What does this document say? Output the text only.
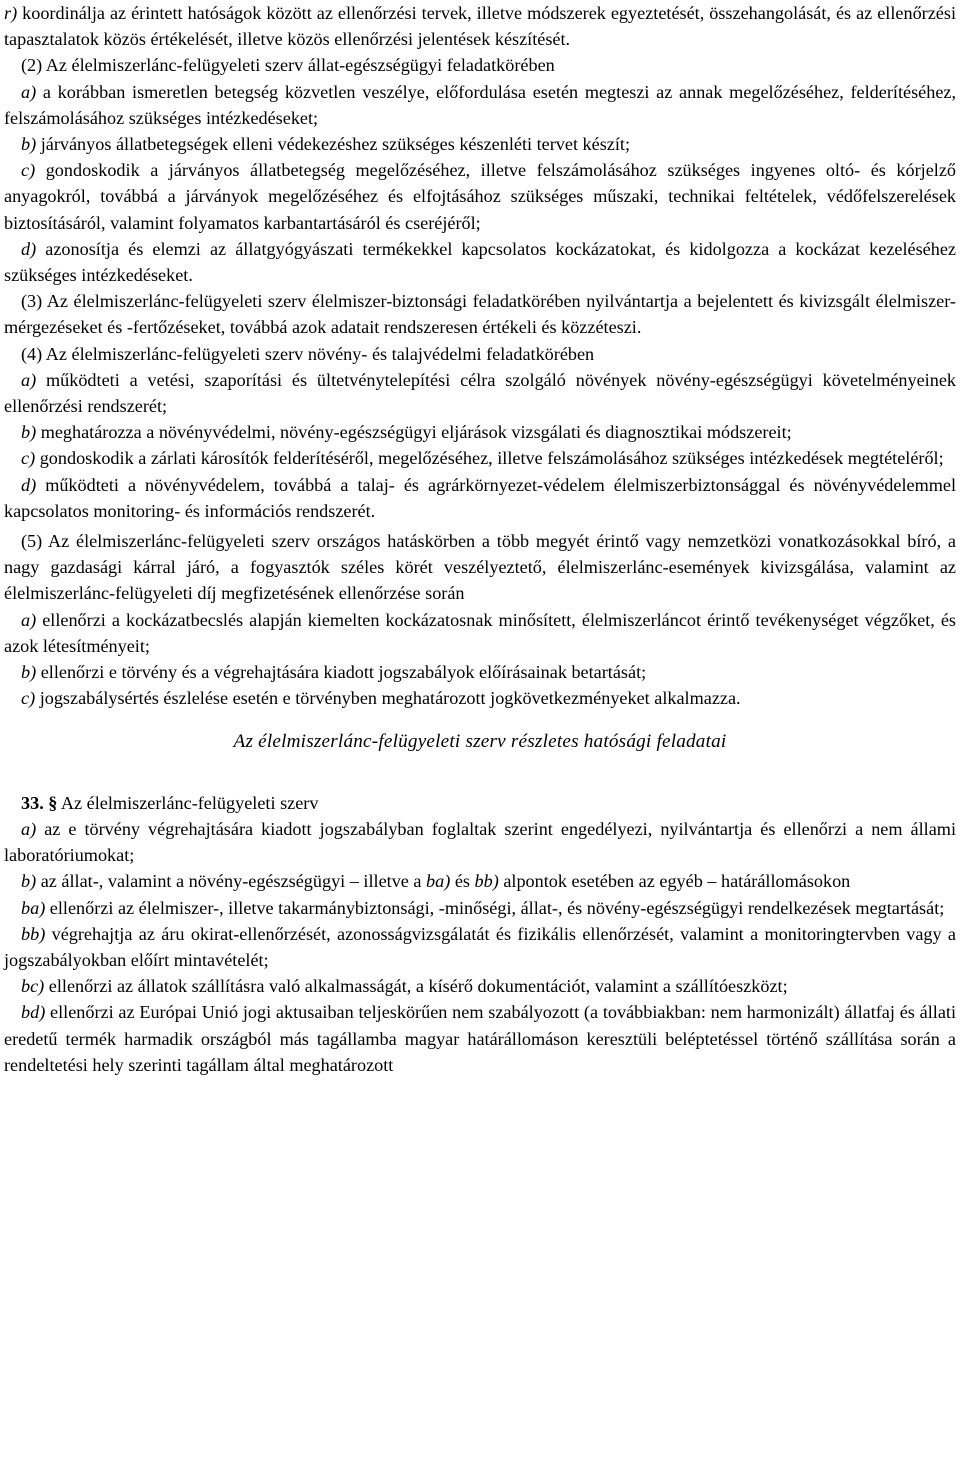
r) koordinálja az érintett hatóságok között az ellenőrzési tervek, illetve módszerek egyeztetését, összehangolását, és az ellenőrzési tapasztalatok közös értékelését, illetve közös ellenőrzési jelentések készítését.

(2) Az élelmiszerlánc-felügyeleti szerv állat-egészségügyi feladatkörében

a) a korábban ismeretlen betegség közvetlen veszélye, előfordulása esetén megteszi az annak megelőzéséhez, felderítéséhez, felszámolásához szükséges intézkedéseket;

b) járványos állatbetegségek elleni védekezéshez szükséges készenléti tervet készít;

c) gondoskodik a járványos állatbetegség megelőzéséhez, illetve felszámolásához szükséges ingyenes oltó- és kórjelző anyagokról, továbbá a járványok megelőzéséhez és elfojtásához szükséges műszaki, technikai feltételek, védőfelszerelések biztosításáról, valamint folyamatos karbantartásáról és cseréjéről;

d) azonosítja és elemzi az állatgyógyászati termékekkel kapcsolatos kockázatokat, és kidolgozza a kockázat kezeléséhez szükséges intézkedéseket.

(3) Az élelmiszerlánc-felügyeleti szerv élelmiszer-biztonsági feladatkörében nyilvántartja a bejelentett és kivizsgált élelmiszer-mérgezéseket és -fertőzéseket, továbbá azok adatait rendszeresen értékeli és közzéteszi.

(4) Az élelmiszerlánc-felügyeleti szerv növény- és talajvédelmi feladatkörében

a) működteti a vetési, szaporítási és ültetvénytelepítési célra szolgáló növények növény-egészségügyi követelményeinek ellenőrzési rendszerét;

b) meghatározza a növényvédelmi, növény-egészségügyi eljárások vizsgálati és diagnosztikai módszereit;

c) gondoskodik a zárlati károsítók felderítéséről, megelőzéséhez, illetve felszámolásához szükséges intézkedések megtételéről;

d) működteti a növényvédelem, továbbá a talaj- és agrárkörnyezet-védelem élelmiszerbiztonsággal és növényvédelemmel kapcsolatos monitoring- és információs rendszerét.

(5) Az élelmiszerlánc-felügyeleti szerv országos hatáskörben a több megyét érintő vagy nemzetközi vonatkozásokkal bíró, a nagy gazdasági kárral járó, a fogyasztók széles körét veszélyeztető, élelmiszerlánc-események kivizsgálása, valamint az élelmiszerlánc-felügyeleti díj megfizetésének ellenőrzése során

a) ellenőrzi a kockázatbecslés alapján kiemelten kockázatosnak minősített, élelmiszerláncot érintő tevékenységet végzőket, és azok létesítményeit;

b) ellenőrzi e törvény és a végrehajtására kiadott jogszabályok előírásainak betartását;

c) jogszabálysértés észlelése esetén e törvényben meghatározott jogkövetkezményeket alkalmazza.

Az élelmiszerlánc-felügyeleti szerv részletes hatósági feladatai

33. § Az élelmiszerlánc-felügyeleti szerv

a) az e törvény végrehajtására kiadott jogszabályban foglaltak szerint engedélyezi, nyilvántartja és ellenőrzi a nem állami laboratóriumokat;

b) az állat-, valamint a növény-egészségügyi – illetve a ba) és bb) alpontok esetében az egyéb – határállomásokon

ba) ellenőrzi az élelmiszer-, illetve takarmánybiztonsági, -minőségi, állat-, és növény-egészségügyi rendelkezések megtartását;

bb) végrehajtja az áru okirat-ellenőrzését, azonosságvizsgálatát és fizikális ellenőrzését, valamint a monitoringtervben vagy a jogszabályokban előírt mintavételét;

bc) ellenőrzi az állatok szállításra való alkalmasságát, a kísérő dokumentációt, valamint a szállítóeszközt;

bd) ellenőrzi az Európai Unió jogi aktusaiban teljeskörűen nem szabályozott (a továbbiakban: nem harmonizált) állatfaj és állati eredetű termék harmadik országból más tagállamba magyar határállomáson keresztüli beléptetéssel történő szállítása során a rendeltetési hely szerinti tagállam által meghatározott
